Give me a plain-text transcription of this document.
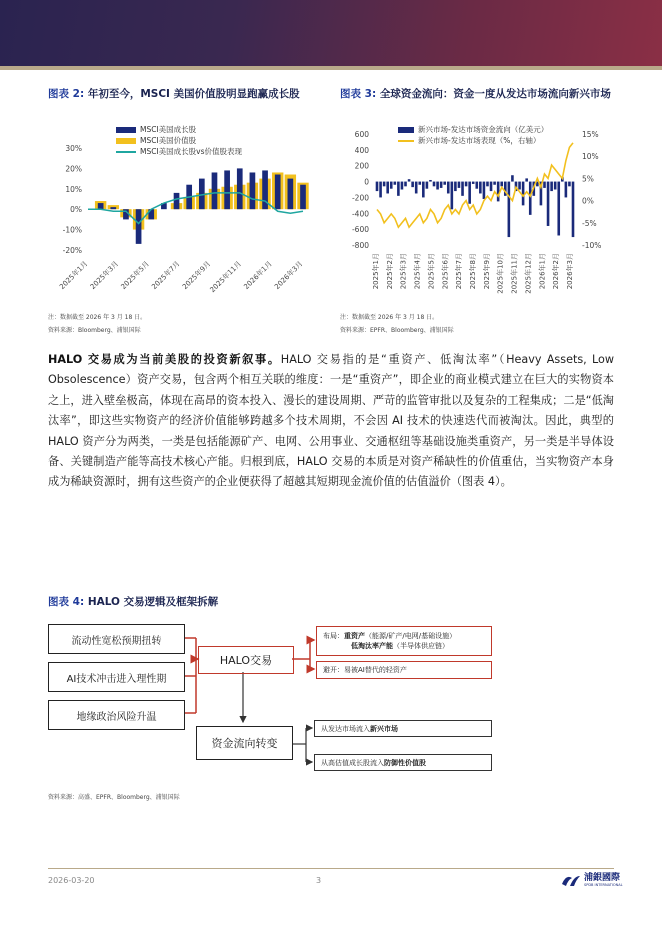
图表 2: 年初至今，MSCI 美国价值股明显跑赢成长股	图表 3: 全球资金流向：资金一度从发达市场流向新兴市场
30%
20%
10%
0%
-10%
-20%
2025年1月 2025年3月 2025年5月 2025年7月 2025年9月
2025年11月 2026年1月 2026年3月
MSCI美国成长股
MSCI美国价值股
MSCI美国成长股vs价值股表现
600
400
200
0
-200
-400
-600
-800
15%
10%
5%
0%
-5%
-10%
2025年1月 2025年2月 2025年3月 2025年4月 2025年5月 2025年6月 2025年7月 2025年8月 2025年9月 2025年10月 2025年11月 2025年12月 2026年1月 2026年2月 2026年3月
新兴市场-发达市场资金流向（亿美元）
新兴市场-发达市场表现（%，右轴）
注：数据截至 2026 年 3 月 18 日。
资料来源：Bloomberg、浦银国际
注：数据截至 2026 年 3 月 18 日。
资料来源：EPFR、Bloomberg、浦银国际
HALO 交易成为当前美股的投资新叙事。HALO 交易指的是“重资产、低淘汰率”（Heavy Assets, Low Obsolescence）资产交易，包含两个相互关联的维度：一是“重资产”，即企业的商业模式建立在巨大的实物资本之上，进入壁垒极高，体现在高昂的资本投入、漫长的建设周期、严苛的监管审批以及复杂的工程集成；二是“低淘汰率”，即这些实物资产的经济价值能够跨越多个技术周期，不会因 AI 技术的快速迭代而被淘汰。因此，典型的 HALO 资产分为两类，一类是包括能源矿产、电网、公用事业、交通枢纽等基础设施类重资产，另一类是半导体设备、关键制造产能等高技术核心产能。归根到底，HALO 交易的本质是对资产稀缺性的价值重估，当实物资产本身成为稀缺资源时，拥有这些资产的企业便获得了超越其短期现金流价值的估值溢价（图表 4）。
图表 4: HALO 交易逻辑及框架拆解
流动性宽松预期扭转
AI技术冲击进入理性期
地缘政治风险升温
HALO交易
资金流向转变
布局：重资产（能源/矿产/电网/基础设施）
低淘汰率产能（半导体供应链）
避开：易被AI替代的轻资产
从发达市场流入新兴市场
从高估值成长股流入防御性价值股
资料来源：高盛、EPFR、Bloomberg、浦银国际
2026-03-20	3	浦銀國際
SPDB INTERNATIONAL
